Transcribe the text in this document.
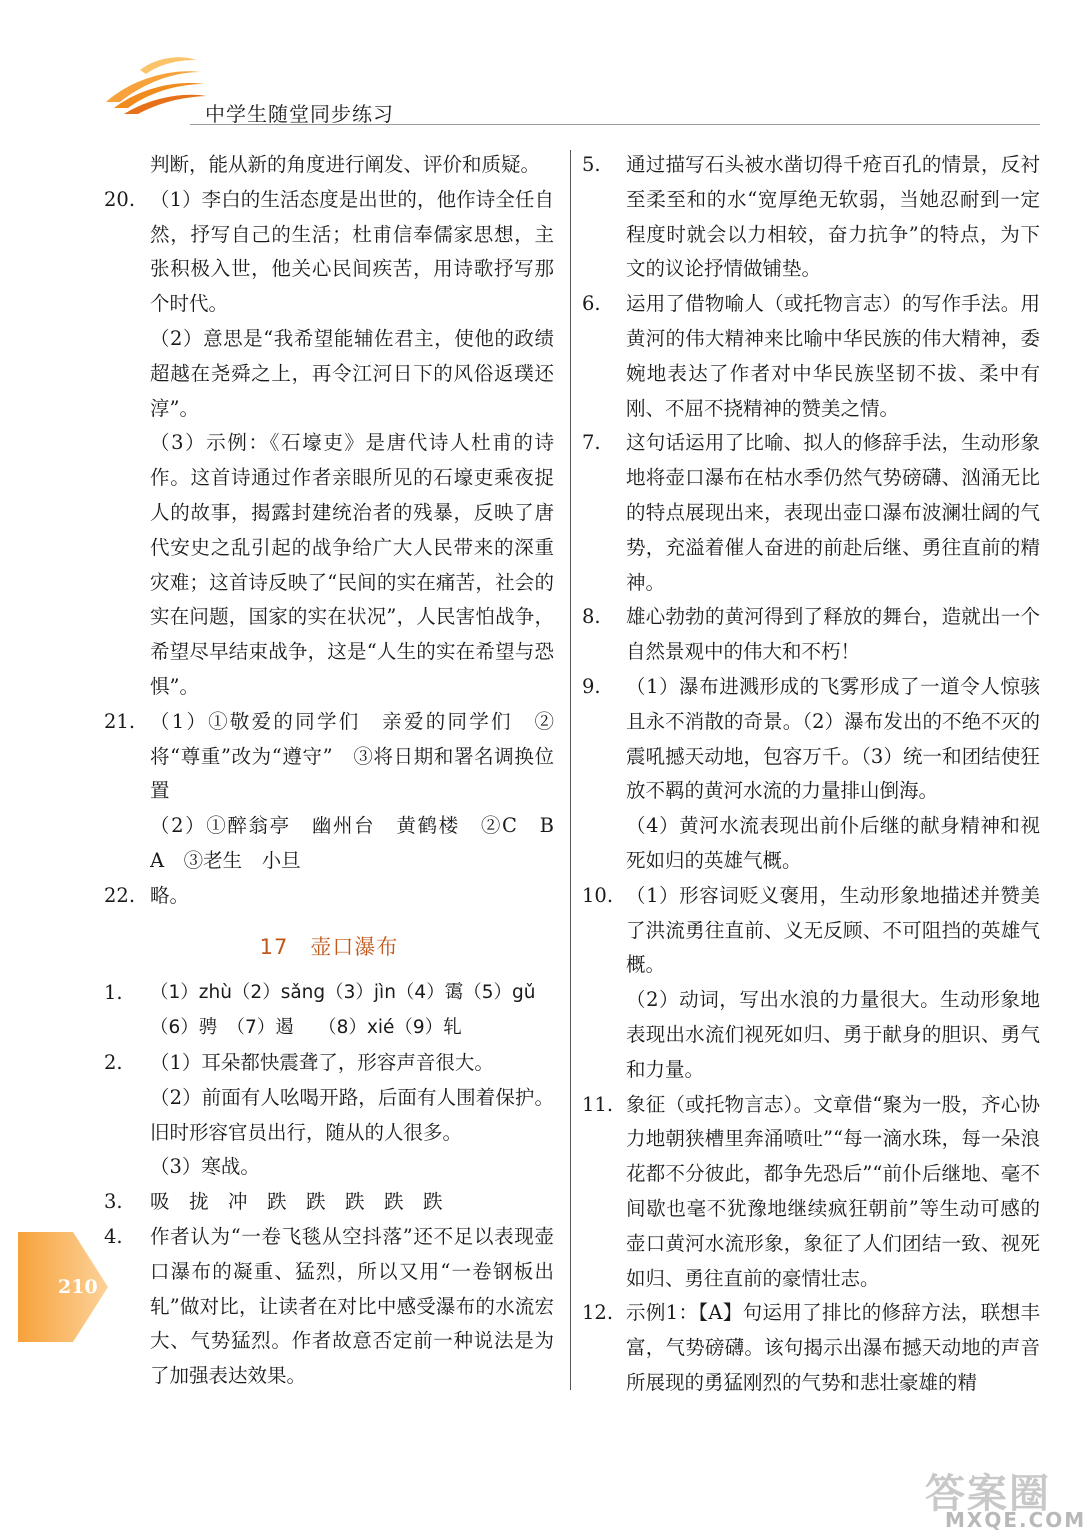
中学生随堂同步练习

判断，能从新的角度进行阐发、评价和质疑。

20. （1）李白的生活态度是出世的，他作诗全任自然，抒写自己的生活；杜甫信奉儒家思想，主张积极入世，他关心民间疾苦，用诗歌抒写那个时代。

（2）意思是“我希望能辅佐君主，使他的政绩超越在尧舜之上，再令江河日下的风俗返璞还淳”。

（3）示例：《石壕吏》是唐代诗人杜甫的诗作。这首诗通过作者亲眼所见的石壕吏乘夜捉人的故事，揭露封建统治者的残暴，反映了唐代安史之乱引起的战争给广大人民带来的深重灾难；这首诗反映了“民间的实在痛苦，社会的实在问题，国家的实在状况”，人民害怕战争，希望尽早结束战争，这是“人生的实在希望与恐惧”。

21. （1）①敬爱的同学们　亲爱的同学们　②将“尊重”改为“遵守”　③将日期和署名调换位置

（2）①醉翁亭　幽州台　黄鹤楼　②C　B　A　③老生　小旦

22. 略。

17　壶口瀑布
1. （1）zhù（2）sǎng（3）jìn（4）霭（5）gǔ

（6）骋　（7）遏　 （8）xié（9）轧

2. （1）耳朵都快震聋了，形容声音很大。

（2）前面有人吆喝开路，后面有人围着保护。旧时形容官员出行，随从的人很多。

（3）寒战。

3. 吸　拢　冲　跌　跌　跌　跌　跌

4. 作者认为“一卷飞毯从空抖落”还不足以表现壶口瀑布的凝重、猛烈，所以又用“一卷钢板出轧”做对比，让读者在对比中感受瀑布的水流宏大、气势猛烈。作者故意否定前一种说法是为了加强表达效果。

5. 通过描写石头被水凿切得千疮百孔的情景，反衬至柔至和的水“宽厚绝无软弱，当她忍耐到一定程度时就会以力相较，奋力抗争”的特点，为下文的议论抒情做铺垫。

6. 运用了借物喻人（或托物言志）的写作手法。用黄河的伟大精神来比喻中华民族的伟大精神，委婉地表达了作者对中华民族坚韧不拔、柔中有刚、不屈不挠精神的赞美之情。

7. 这句话运用了比喻、拟人的修辞手法，生动形象地将壶口瀑布在枯水季仍然气势磅礴、汹涌无比的特点展现出来，表现出壶口瀑布波澜壮阔的气势，充溢着催人奋进的前赴后继、勇往直前的精神。

8. 雄心勃勃的黄河得到了释放的舞台，造就出一个自然景观中的伟大和不朽！

9. （1）瀑布进溅形成的飞雾形成了一道令人惊骇且永不消散的奇景。（2）瀑布发出的不绝不灭的震吼撼天动地，包容万千。（3）统一和团结使狂放不羁的黄河水流的力量排山倒海。

（4）黄河水流表现出前仆后继的献身精神和视死如归的英雄气概。

10. （1）形容词贬义褒用，生动形象地描述并赞美了洪流勇往直前、义无反顾、不可阻挡的英雄气概。

（2）动词，写出水浪的力量很大。生动形象地表现出水流们视死如归、勇于献身的胆识、勇气和力量。

11. 象征（或托物言志）。文章借“聚为一股，齐心协力地朝狭槽里奔涌喷吐”“每一滴水珠，每一朵浪花都不分彼此，都争先恐后”“前仆后继地、毫不间歇也毫不犹豫地继续疯狂朝前”等生动可感的壶口黄河水流形象，象征了人们团结一致、视死如归、勇往直前的豪情壮志。

12. 示例1：【A】句运用了排比的修辞方法，联想丰富，气势磅礴。该句揭示出瀑布撼天动地的声音所展现的勇猛刚烈的气势和悲壮豪雄的精

210
答案圈
MXQE.COM
